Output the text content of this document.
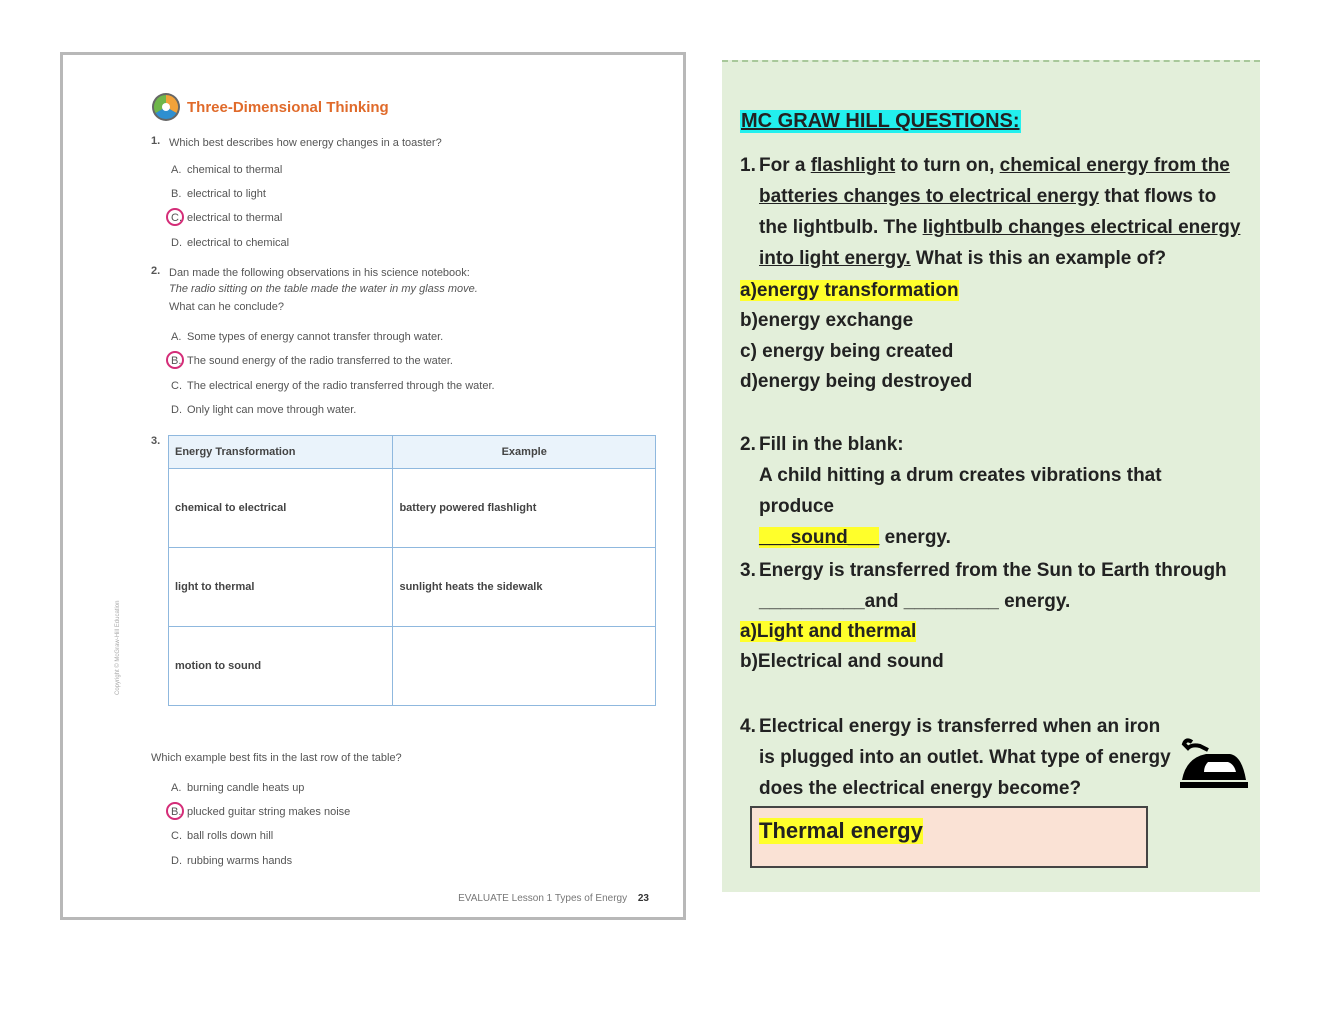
Three-Dimensional Thinking
1. Which best describes how energy changes in a toaster?
A. chemical to thermal
B. electrical to light
C. electrical to thermal
D. electrical to chemical
2. Dan made the following observations in his science notebook:
The radio sitting on the table made the water in my glass move.
What can he conclude?
A. Some types of energy cannot transfer through water.
B. The sound energy of the radio transferred to the water.
C. The electrical energy of the radio transferred through the water.
D. Only light can move through water.
3.
Energy Transformation	Example
chemical to electrical	battery powered flashlight
light to thermal	sunlight heats the sidewalk
motion to sound	
Which example best fits in the last row of the table?
A. burning candle heats up
B. plucked guitar string makes noise
C. ball rolls down hill
D. rubbing warms hands
Copyright © McGraw-Hill Education
EVALUATE Lesson 1 Types of Energy 23
MC GRAW HILL QUESTIONS:
1. For a flashlight to turn on, chemical energy from the batteries changes to electrical energy that flows to the lightbulb. The lightbulb changes electrical energy into light energy. What is this an example of?
a)energy transformation
b)energy exchange
c) energy being created
d)energy being destroyed
2. Fill in the blank:
A child hitting a drum creates vibrations that produce
___sound___ energy.
3. Energy is transferred from the Sun to Earth through
__________and _________ energy.
a)Light and thermal
b)Electrical and sound
4. Electrical energy is transferred when an iron is plugged into an outlet. What type of energy does the electrical energy become?
Thermal energy
